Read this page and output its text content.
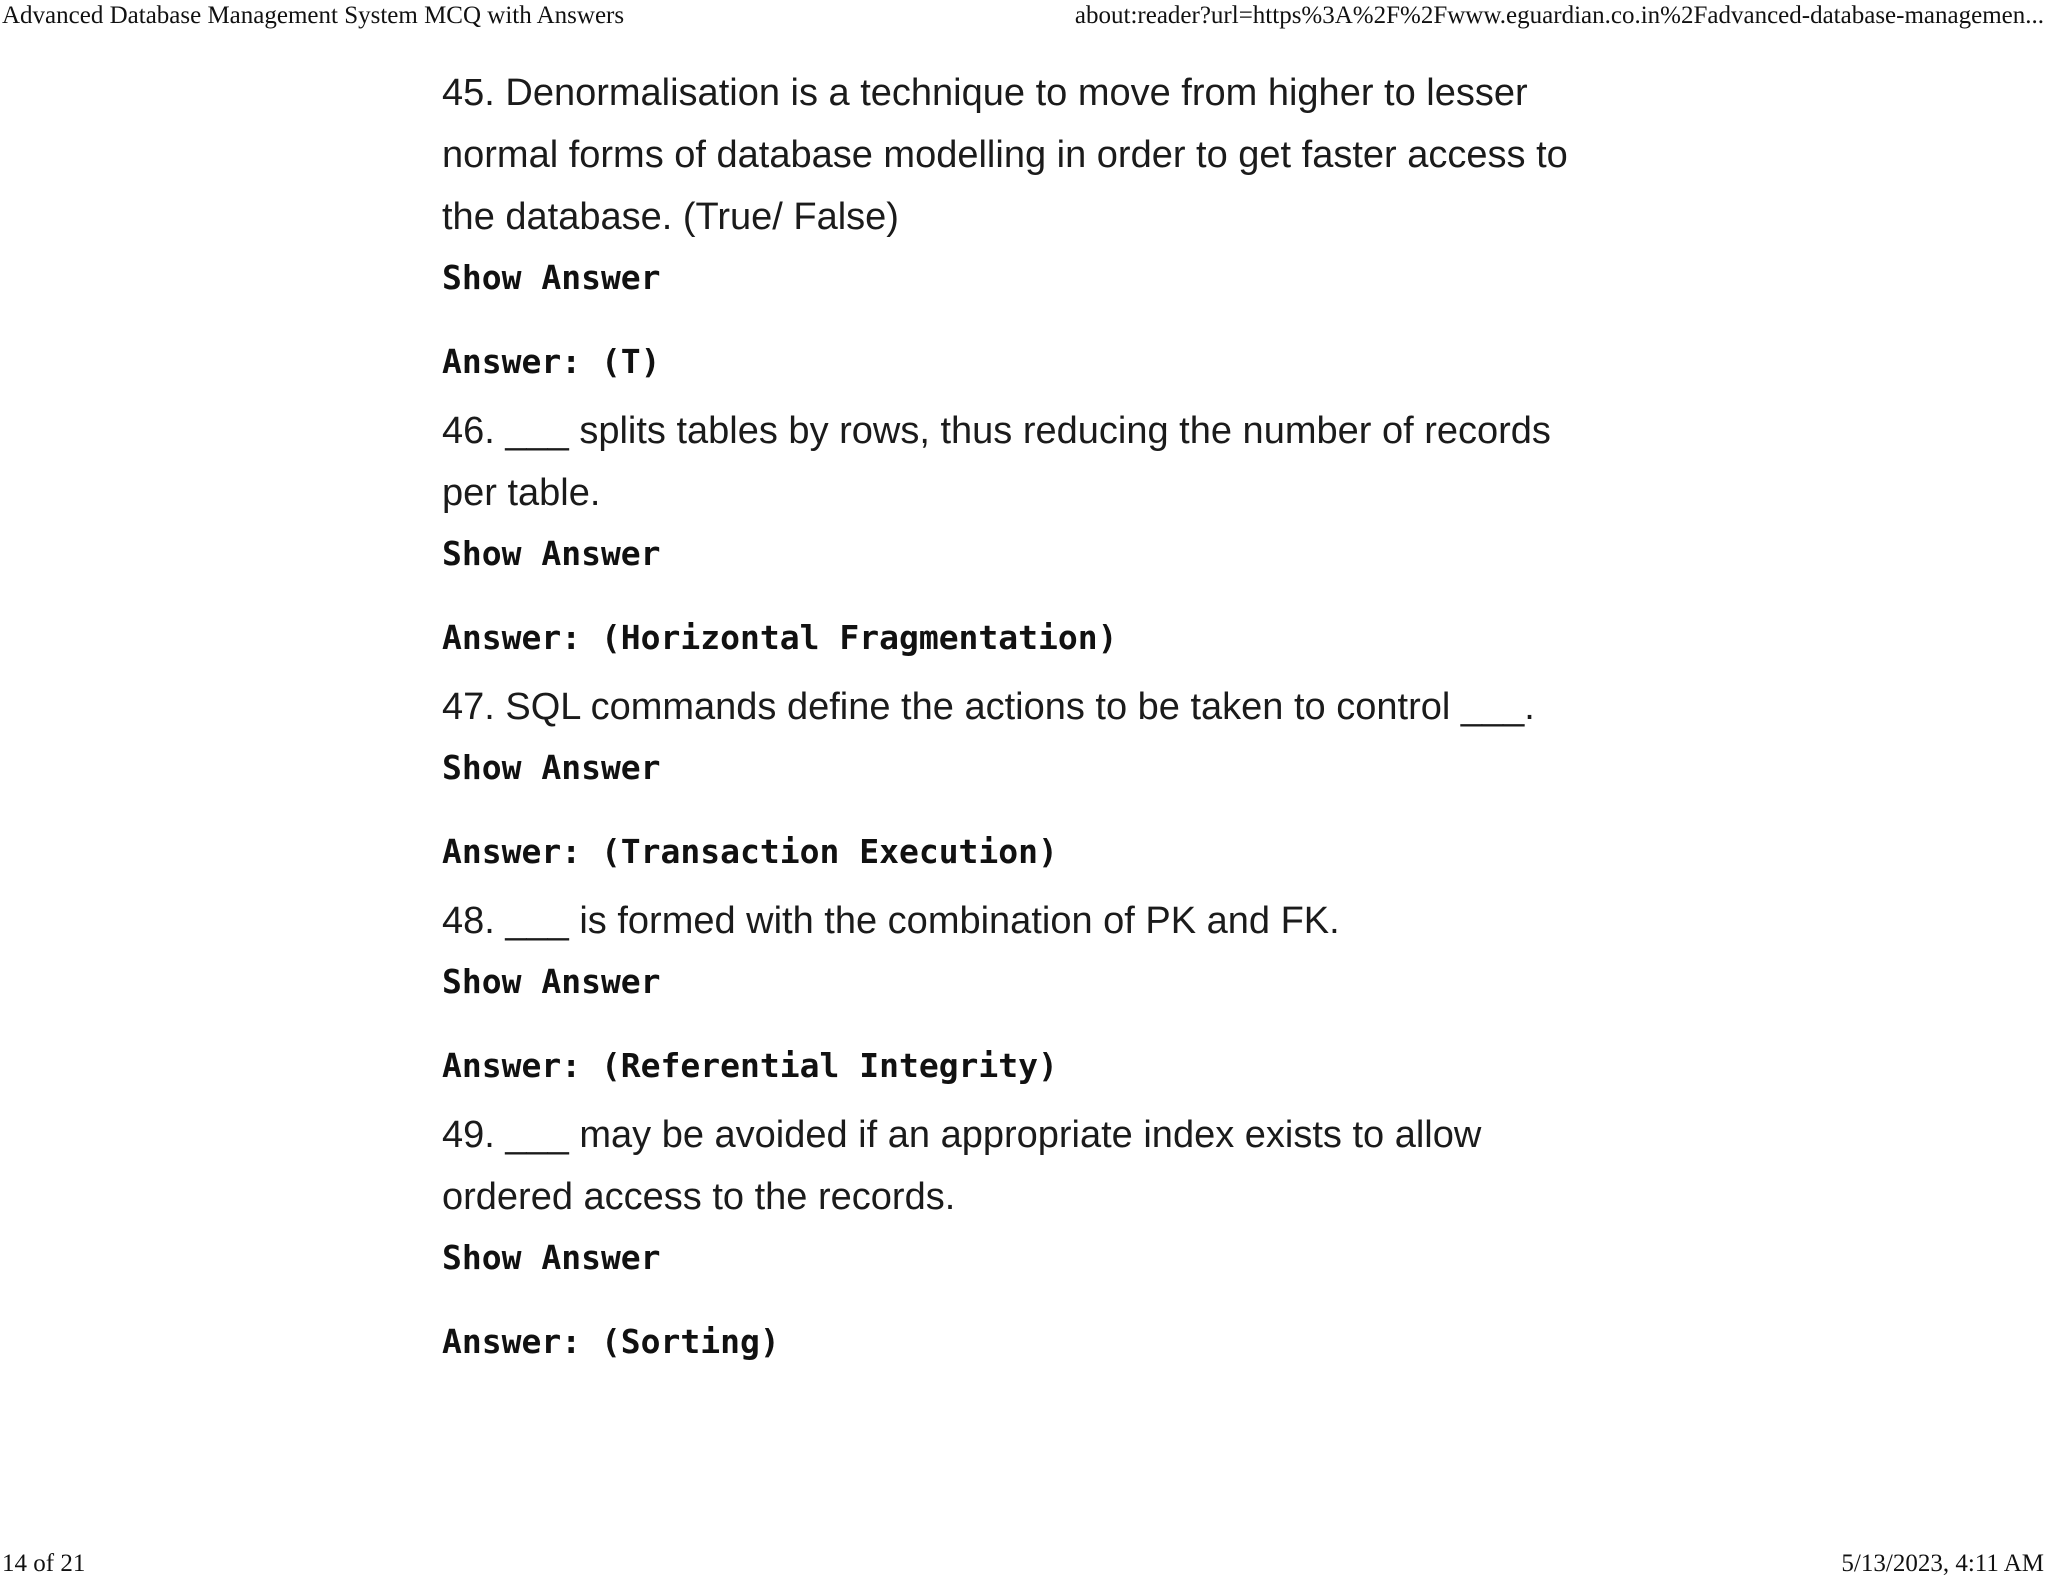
Advanced Database Management System MCQ with Answers	about:reader?url=https%3A%2F%2Fwww.eguardian.co.in%2Fadvanced-database-managemen...

45. Denormalisation is a technique to move from higher to lesser normal forms of database modelling in order to get faster access to the database. (True/ False)

Show Answer
Answer: (T)

46. ___ splits tables by rows, thus reducing the number of records per table.

Show Answer
Answer: (Horizontal Fragmentation)

47. SQL commands define the actions to be taken to control ___.

Show Answer
Answer: (Transaction Execution)

48. ___ is formed with the combination of PK and FK.

Show Answer
Answer: (Referential Integrity)

49. ___ may be avoided if an appropriate index exists to allow ordered access to the records.

Show Answer
Answer: (Sorting)
14 of 21	5/13/2023, 4:11 AM
